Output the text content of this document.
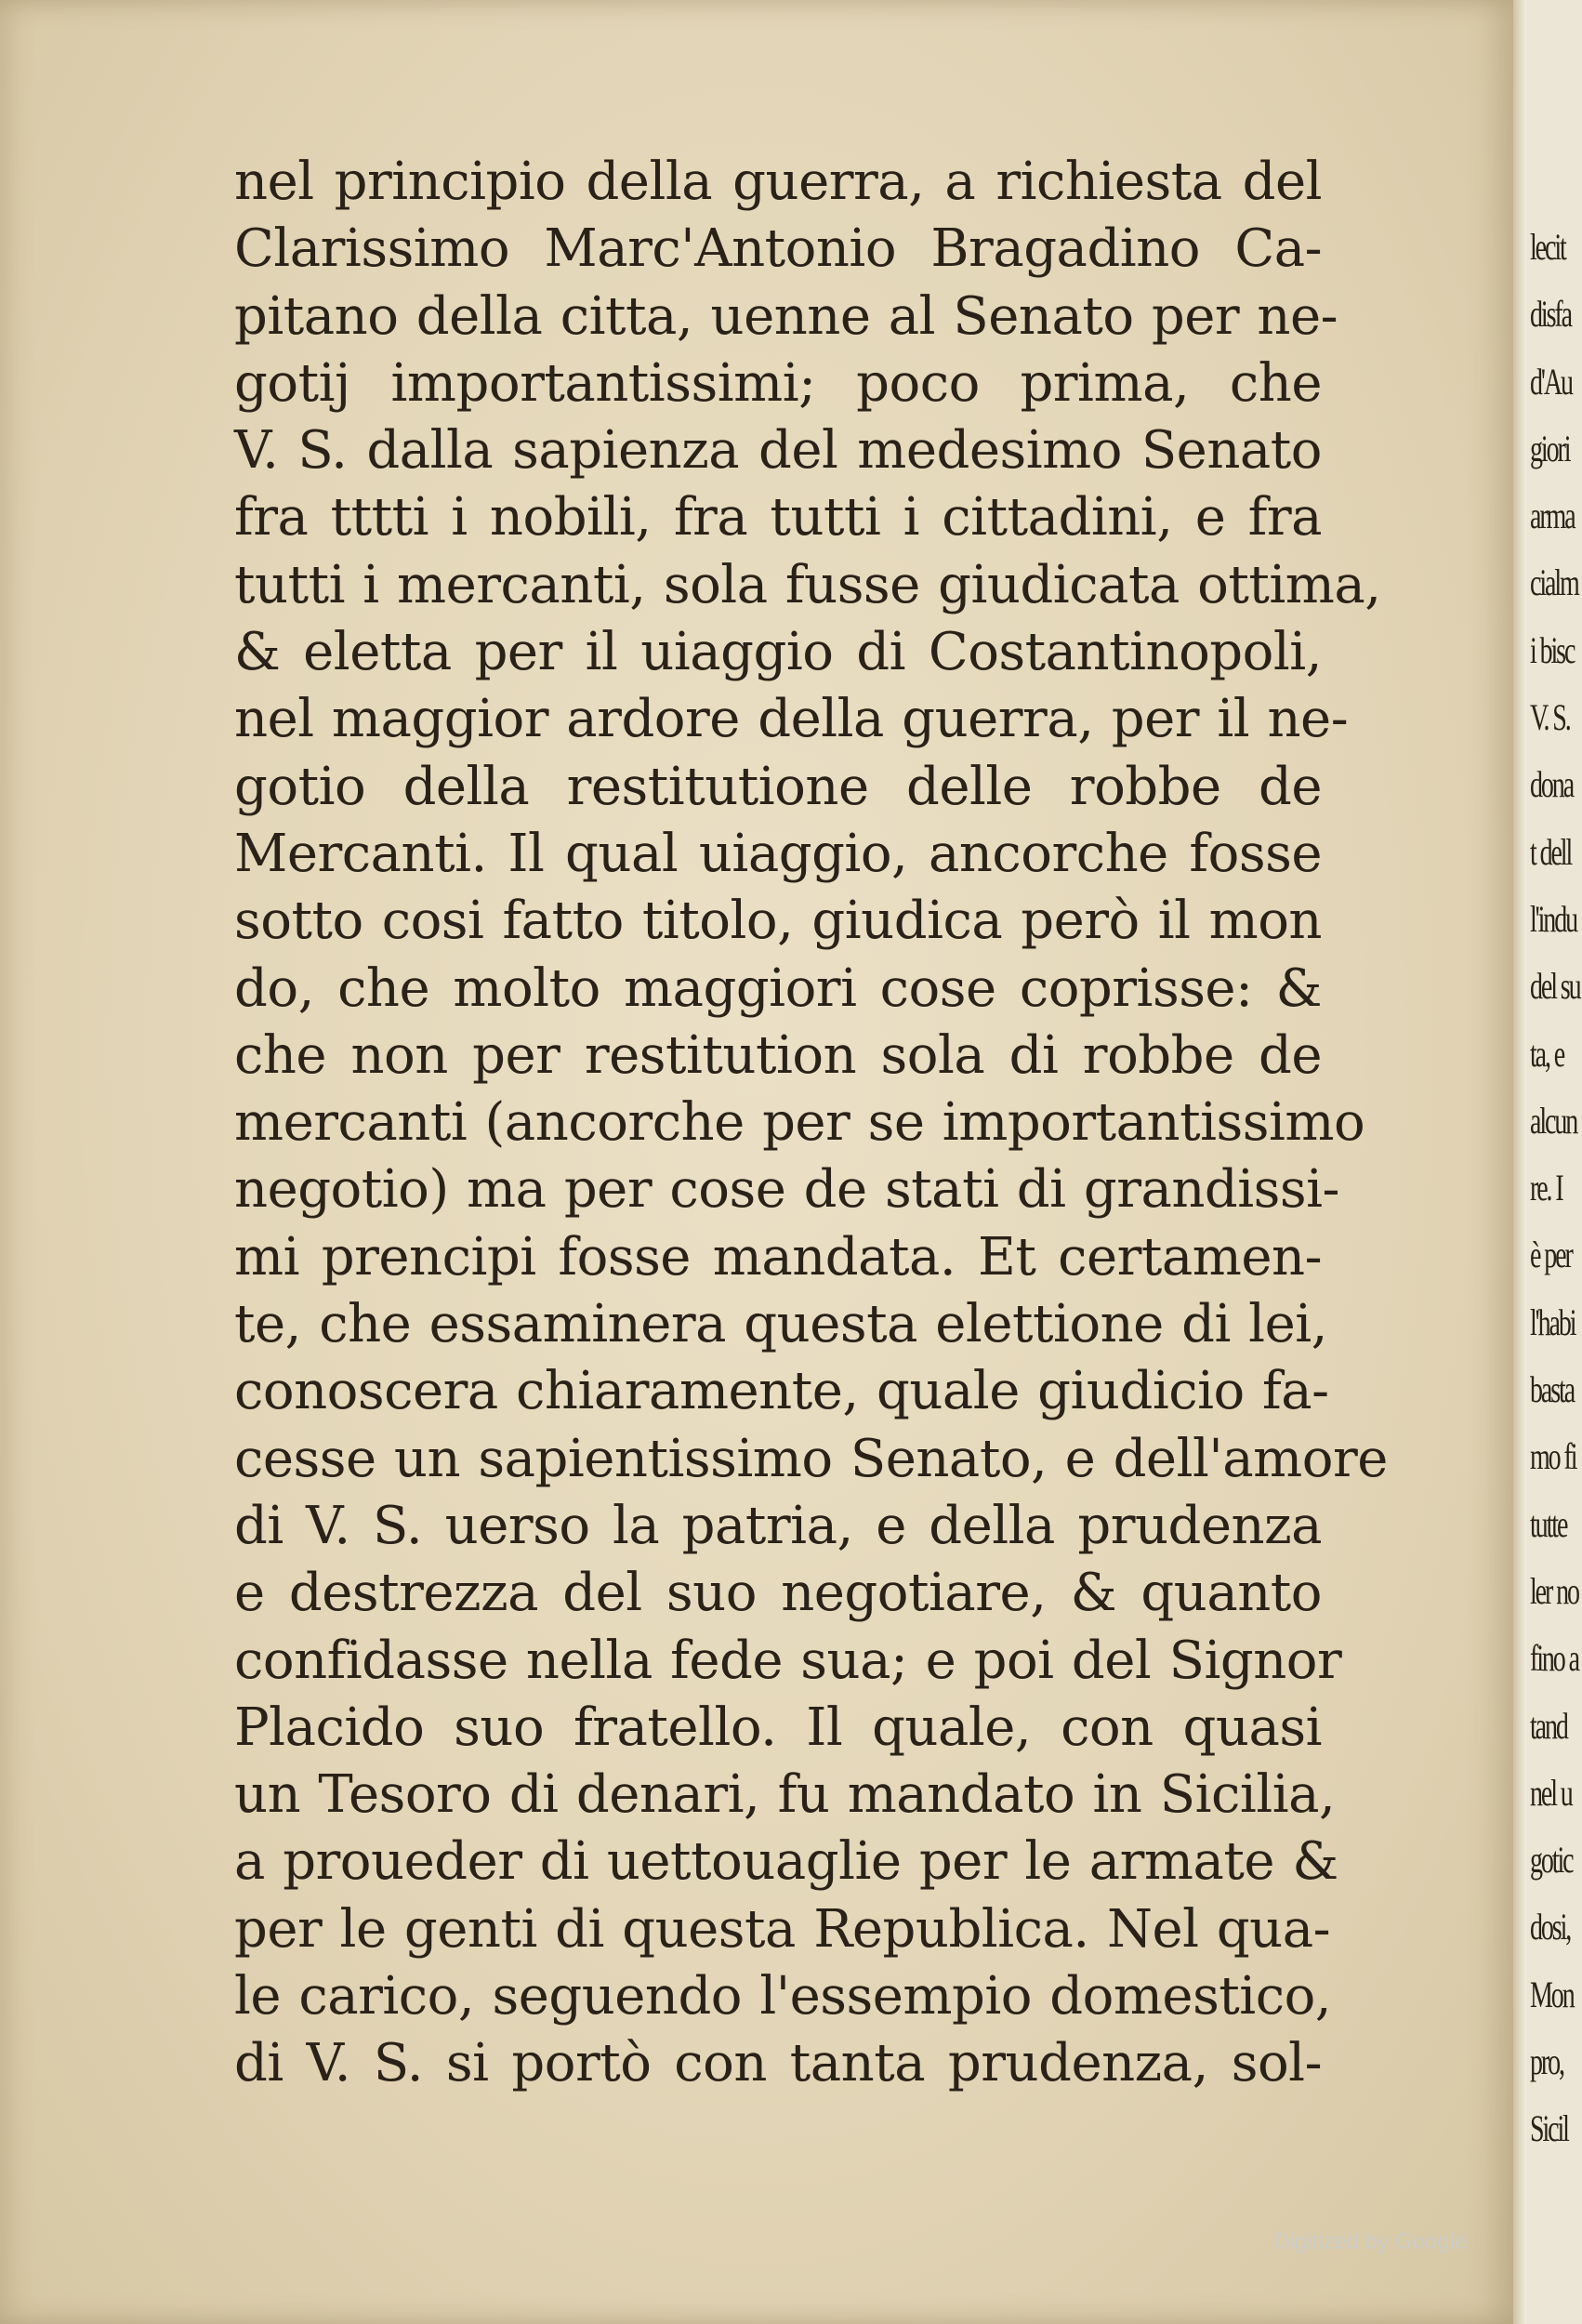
nel principio della guerra, a richiesta del
Clarissimo Marc'Antonio Bragadino Ca-
pitano della citta, uenne al Senato per ne-
gotij importantissimi; poco prima, che
V. S. dalla sapienza del medesimo Senato
fra tttti i nobili, fra tutti i cittadini, e fra
tutti i mercanti, sola fusse giudicata ottima,
& eletta per il uiaggio di Costantinopoli,
nel maggior ardore della guerra, per il ne-
gotio della restitutione delle robbe de
Mercanti. Il qual uiaggio, ancorche fosse
sotto cosi fatto titolo, giudica però il mon
do, che molto maggiori cose coprisse: &
che non per restitution sola di robbe de
mercanti (ancorche per se importantissimo
negotio) ma per cose de stati di grandissi-
mi prencipi fosse mandata. Et certamen-
te, che essaminera questa elettione di lei,
conoscera chiaramente, quale giudicio fa-
cesse un sapientissimo Senato, e dell'amore
di V. S. uerso la patria, e della prudenza
e destrezza del suo negotiare, & quanto
confidasse nella fede sua; e poi del Signor
Placido suo fratello. Il quale, con quasi
un Tesoro di denari, fu mandato in Sicilia,
a proueder di uettouaglie per le armate &
per le genti di questa Republica. Nel qua-
le carico, seguendo l'essempio domestico,
di V. S. si portò con tanta prudenza, sol-
Digitized by Google
lecit
disfa
d'Au
giori
arma
cialm
i bisc
V. S.
dona
t dell
l'indu
del su
ta, e
alcun
re. I
è per
l'habi
basta
mo fi
tutte
ler no
fino a
tand
nel u
gotic
dosi,
Mon
pro,
Sicil
